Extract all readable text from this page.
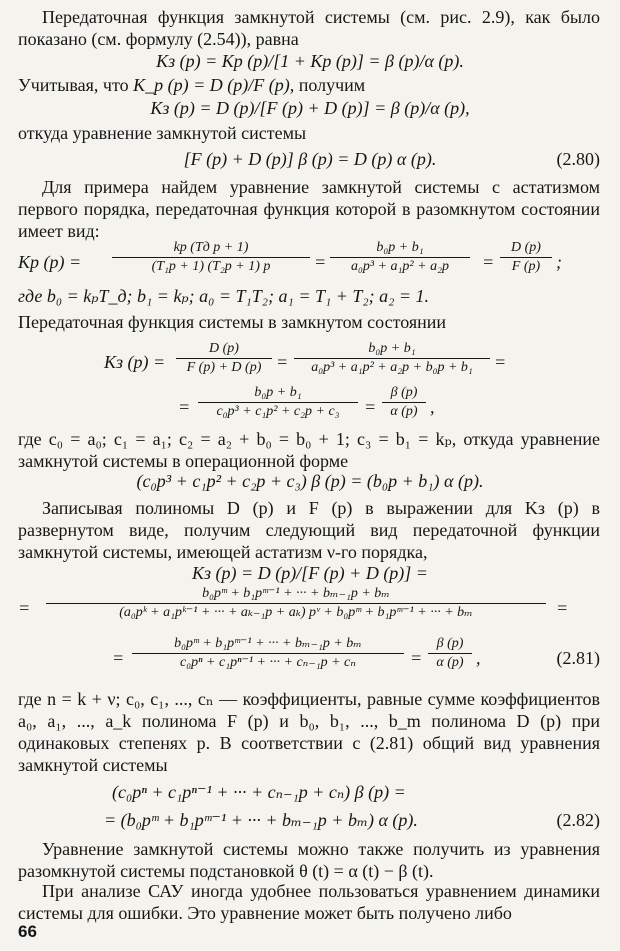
Передаточная функция замкнутой системы (см. рис. 2.9), как было показано (см. формулу (2.54)), равна
Kз (p) = Kр (p)/[1 + Kр (p)] = β (p)/α (p).
Учитывая, что K_р (p) = D (p)/F (p), получим
Kз (p) = D (p)/[F (p) + D (p)] = β (p)/α (p),
откуда уравнение замкнутой системы
[F (p) + D (p)] β (p) = D (p) α (p).	(2.80)
Для примера найдем уравнение замкнутой системы с астатизмом первого порядка, передаточная функция которой в разомкнутом состоянии имеет вид:
Kр (p) =
kр (Tд p + 1)
(T₁p + 1) (T₂p + 1) p	=
b₀p + b₁
a₀p³ + a₁p² + a₂p	=
D (p)
F (p) ;
где b₀ = kₚT_д; b₁ = kₚ; a₀ = T₁T₂; a₁ = T₁ + T₂; a₂ = 1.
Передаточная функция системы в замкнутом состоянии
Kз (p) =
D (p)
F (p) + D (p) =
b₀p + b₁
a₀p³ + a₁p² + a₂p + b₀p + b₁	=
=
b₀p + b₁
c₀p³ + c₁p² + c₂p + c₃	=
β (p)
α (p) ,
где c₀ = a₀; c₁ = a₁; c₂ = a₂ + b₀ = b₀ + 1; c₃ = b₁ = kₚ, откуда уравнение замкнутой системы в операционной форме
(c₀p³ + c₁p² + c₂p + c₃) β (p) = (b₀p + b₁) α (p).
Записывая полиномы D (p) и F (p) в выражении для Kз (p) в развернутом виде, получим следующий вид передаточной функции замкнутой системы, имеющей астатизм ν-го порядка,
Kз (p) = D (p)/[F (p) + D (p)] =
=
b₀pᵐ + b₁pᵐ⁻¹ + ··· + bₘ₋₁p + bₘ
(a₀pᵏ + a₁pᵏ⁻¹ + ··· + aₖ₋₁p + aₖ) pᵛ + b₀pᵐ + b₁pᵐ⁻¹ + ··· + bₘ	=
=
b₀pᵐ + b₁pᵐ⁻¹ + ··· + bₘ₋₁p + bₘ
c₀pⁿ + c₁pⁿ⁻¹ + ··· + cₙ₋₁p + cₙ	=
β (p)
α (p) ,	(2.81)
где n = k + ν; c₀, c₁, ..., cₙ — коэффициенты, равные сумме коэффициентов a₀, a₁, ..., a_k полинома F (p) и b₀, b₁, ..., b_m полинома D (p) при одинаковых степенях p. В соответствии с (2.81) общий вид уравнения замкнутой системы
(c₀pⁿ + c₁pⁿ⁻¹ + ··· + cₙ₋₁p + cₙ) β (p) =
= (b₀pᵐ + b₁pᵐ⁻¹ + ··· + bₘ₋₁p + bₘ) α (p).	(2.82)
Уравнение замкнутой системы можно также получить из уравнения разомкнутой системы подстановкой θ (t) = α (t) − β (t).
При анализе САУ иногда удобнее пользоваться уравнением динамики системы для ошибки. Это уравнение может быть получено либо
66
